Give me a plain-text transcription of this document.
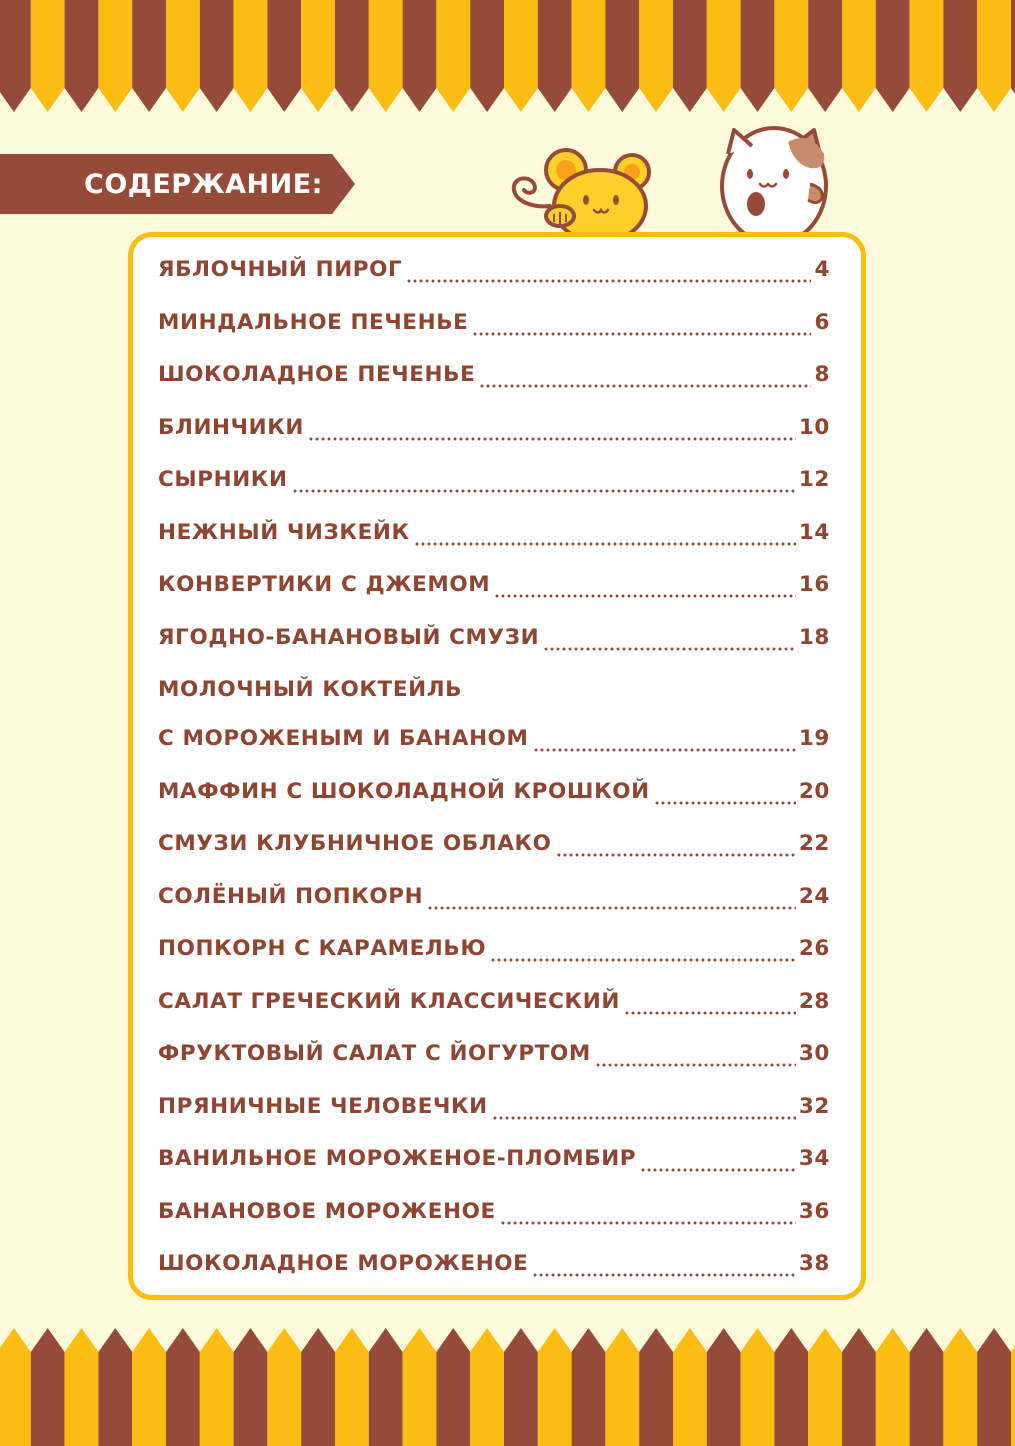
СОДЕРЖАНИЕ:
ЯБЛОЧНЫЙ ПИРОГ	4
МИНДАЛЬНОЕ ПЕЧЕНЬЕ	6
ШОКОЛАДНОЕ ПЕЧЕНЬЕ	8
БЛИНЧИКИ	10
СЫРНИКИ	12
НЕЖНЫЙ ЧИЗКЕЙК	14
КОНВЕРТИКИ С ДЖЕМОМ	16
ЯГОДНО-БАНАНОВЫЙ СМУЗИ	18
МОЛОЧНЫЙ КОКТЕЙЛЬ
С МОРОЖЕНЫМ И БАНАНОМ	19
МАФФИН С ШОКОЛАДНОЙ КРОШКОЙ	20
СМУЗИ КЛУБНИЧНОЕ ОБЛАКО	22
СОЛЁНЫЙ ПОПКОРН	24
ПОПКОРН С КАРАМЕЛЬЮ	26
САЛАТ ГРЕЧЕСКИЙ КЛАССИЧЕСКИЙ	28
ФРУКТОВЫЙ САЛАТ С ЙОГУРТОМ	30
ПРЯНИЧНЫЕ ЧЕЛОВЕЧКИ	32
ВАНИЛЬНОЕ МОРОЖЕНОЕ-ПЛОМБИР	34
БАНАНОВОЕ МОРОЖЕНОЕ	36
ШОКОЛАДНОЕ МОРОЖЕНОЕ	38
